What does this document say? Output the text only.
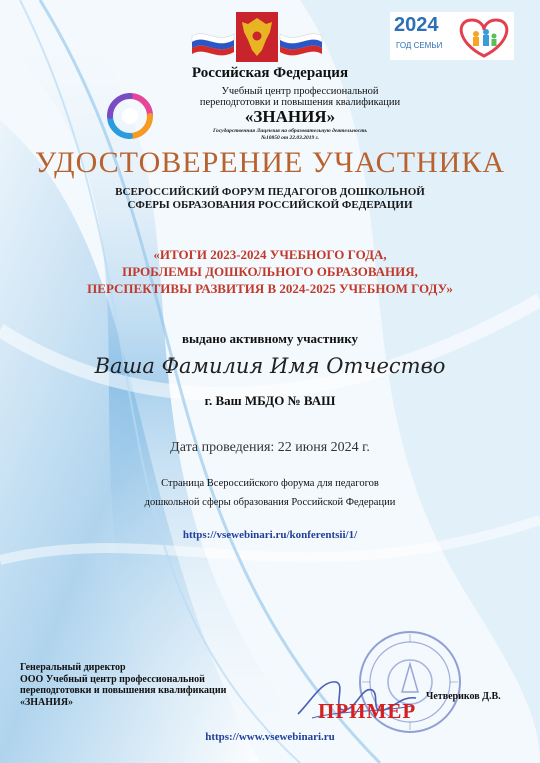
2024
ГОД СЕМЬИ
Российская Федерация
Учебный центр профессиональной
переподготовки и повышения квалификации
«ЗНАНИЯ»
Государственная Лицензия на образовательную деятельность
№10850 от 22.03.2019 г.
УДОСТОВЕРЕНИЕ УЧАСТНИКА
ВСЕРОССИЙСКИЙ ФОРУМ ПЕДАГОГОВ ДОШКОЛЬНОЙ
СФЕРЫ ОБРАЗОВАНИЯ РОССИЙСКОЙ ФЕДЕРАЦИИ
«ИТОГИ 2023-2024 УЧЕБНОГО ГОДА,
ПРОБЛЕМЫ ДОШКОЛЬНОГО ОБРАЗОВАНИЯ,
ПЕРСПЕКТИВЫ РАЗВИТИЯ В 2024-2025 УЧЕБНОМ ГОДУ»
выдано активному участнику
Ваша Фамилия Имя Отчество
г. Ваш МБДО № ВАШ
Дата проведения: 22 июня 2024 г.
Страница Всероссийского форума для педагогов
дошкольной сферы образования Российской Федерации
https://vsewebinari.ru/konferentsii/1/
Генеральный директор
ООО Учебный центр профессиональной
переподготовки и повышения квалификации
«ЗНАНИЯ»	ПРИМЕР
Четвериков Д.В.
https://www.vsewebinari.ru
